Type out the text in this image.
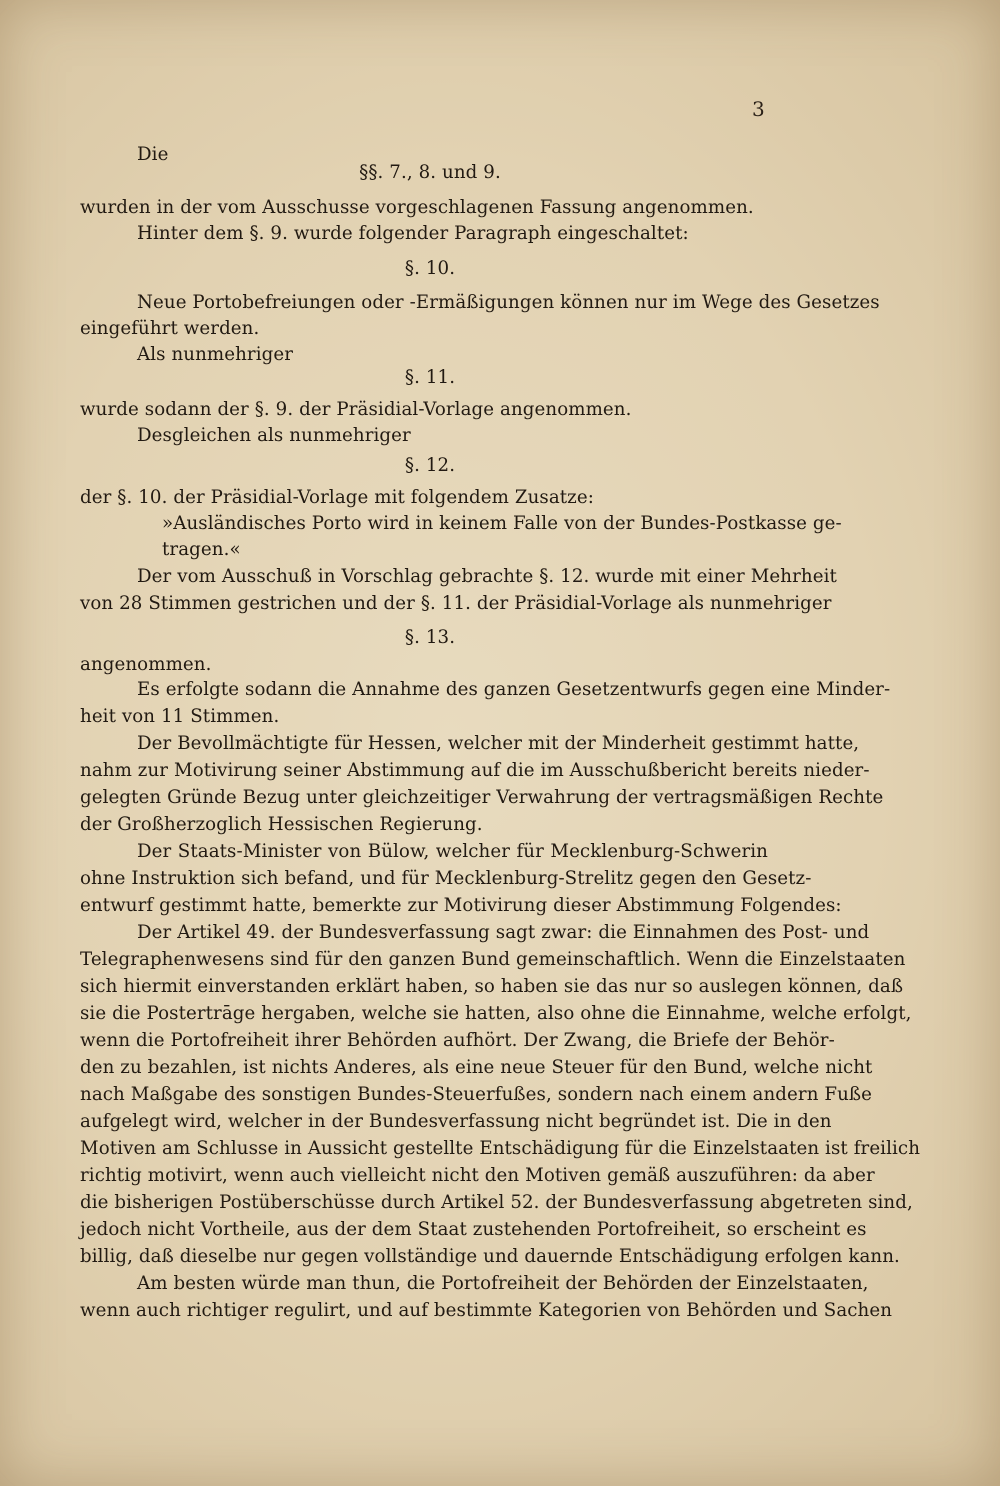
3
Die
§§. 7., 8. und 9.
wurden in der vom Ausschusse vorgeschlagenen Fassung angenommen.
Hinter dem §. 9. wurde folgender Paragraph eingeschaltet:
§. 10.
Neue Portobefreiungen oder -Ermäßigungen können nur im Wege des Gesetzes
eingeführt werden.
Als nunmehriger
§. 11.
wurde sodann der §. 9. der Präsidial-Vorlage angenommen.
Desgleichen als nunmehriger
§. 12.
der §. 10. der Präsidial-Vorlage mit folgendem Zusatze:
»Ausländisches Porto wird in keinem Falle von der Bundes-Postkasse ge-
tragen.«
Der vom Ausschuß in Vorschlag gebrachte §. 12. wurde mit einer Mehrheit
von 28 Stimmen gestrichen und der §. 11. der Präsidial-Vorlage als nunmehriger
§. 13.
angenommen.
Es erfolgte sodann die Annahme des ganzen Gesetzentwurfs gegen eine Minder-
heit von 11 Stimmen.
Der Bevollmächtigte für Hessen, welcher mit der Minderheit gestimmt hatte,
nahm zur Motivirung seiner Abstimmung auf die im Ausschußbericht bereits nieder-
gelegten Gründe Bezug unter gleichzeitiger Verwahrung der vertragsmäßigen Rechte
der Großherzoglich Hessischen Regierung.
Der Staats-Minister von Bülow, welcher für Mecklenburg-Schwerin
ohne Instruktion sich befand, und für Mecklenburg-Strelitz gegen den Gesetz-
entwurf gestimmt hatte, bemerkte zur Motivirung dieser Abstimmung Folgendes:
Der Artikel 49. der Bundesverfassung sagt zwar: die Einnahmen des Post- und
Telegraphenwesens sind für den ganzen Bund gemeinschaftlich. Wenn die Einzelstaaten
sich hiermit einverstanden erklärt haben, so haben sie das nur so auslegen können, daß
sie die Postertrāge hergaben, welche sie hatten, also ohne die Einnahme, welche erfolgt,
wenn die Portofreiheit ihrer Behörden aufhört. Der Zwang, die Briefe der Behör-
den zu bezahlen, ist nichts Anderes, als eine neue Steuer für den Bund, welche nicht
nach Maßgabe des sonstigen Bundes-Steuerfußes, sondern nach einem andern Fuße
aufgelegt wird, welcher in der Bundesverfassung nicht begründet ist. Die in den
Motiven am Schlusse in Aussicht gestellte Entschädigung für die Einzelstaaten ist freilich
richtig motivirt, wenn auch vielleicht nicht den Motiven gemäß auszuführen: da aber
die bisherigen Postüberschüsse durch Artikel 52. der Bundesverfassung abgetreten sind,
jedoch nicht Vortheile, aus der dem Staat zustehenden Portofreiheit, so erscheint es
billig, daß dieselbe nur gegen vollständige und dauernde Entschädigung erfolgen kann.
Am besten würde man thun, die Portofreiheit der Behörden der Einzelstaaten,
wenn auch richtiger regulirt, und auf bestimmte Kategorien von Behörden und Sachen
